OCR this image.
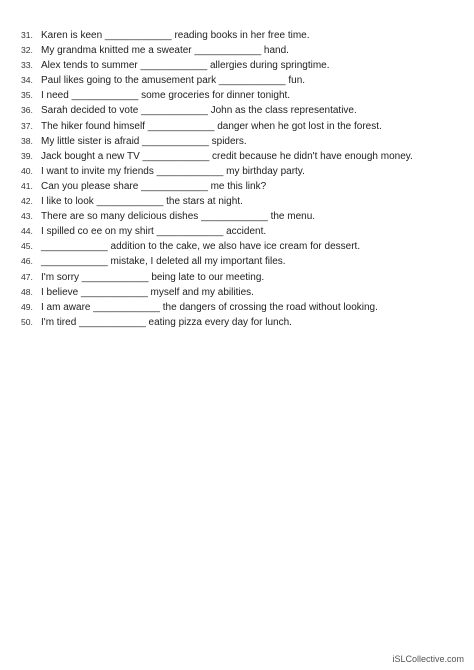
31. Karen is keen ____________ reading books in her free time.
32. My grandma knitted me a sweater ____________ hand.
33. Alex tends to summer ____________ allergies during springtime.
34. Paul likes going to the amusement park ____________ fun.
35. I need ____________ some groceries for dinner tonight.
36. Sarah decided to vote ____________ John as the class representative.
37. The hiker found himself ____________ danger when he got lost in the forest.
38. My little sister is afraid ____________ spiders.
39. Jack bought a new TV ____________ credit because he didn't have enough money.
40. I want to invite my friends ____________ my birthday party.
41. Can you please share ____________ me this link?
42. I like to look ____________ the stars at night.
43. There are so many delicious dishes ____________ the menu.
44. I spilled co ee on my shirt ____________ accident.
45. ____________ addition to the cake, we also have ice cream for dessert.
46. ____________ mistake, I deleted all my important files.
47. I'm sorry ____________ being late to our meeting.
48. I believe ____________ myself and my abilities.
49. I am aware ____________ the dangers of crossing the road without looking.
50. I'm tired ____________ eating pizza every day for lunch.
iSLCollective.com
